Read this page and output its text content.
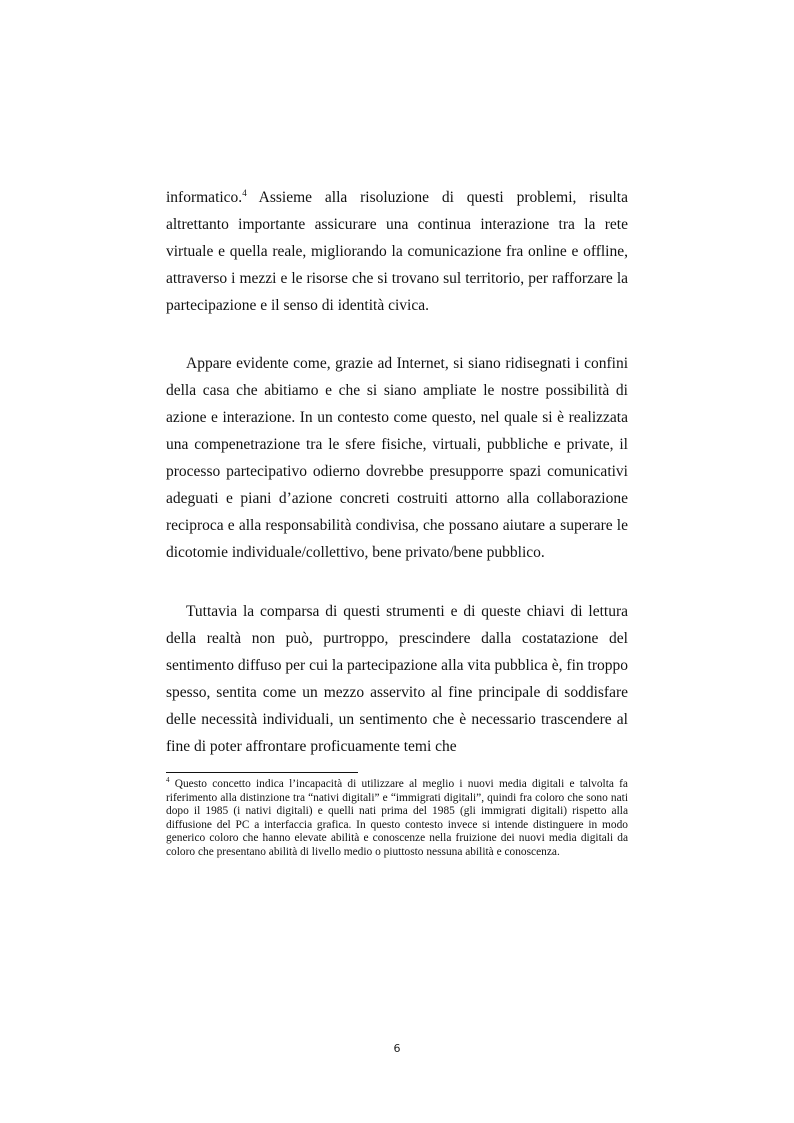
informatico.$^4$ Assieme alla risoluzione di questi problemi, risulta altrettanto importante assicurare una continua interazione tra la rete virtuale e quella reale, migliorando la comunicazione fra online e offline, attraverso i mezzi e le risorse che si trovano sul territorio, per rafforzare la partecipazione e il senso di identità civica.

Appare evidente come, grazie ad Internet, si siano ridisegnati i confini della casa che abitiamo e che si siano ampliate le nostre possibilità di azione e interazione. In un contesto come questo, nel quale si è realizzata una compenetrazione tra le sfere fisiche, virtuali, pubbliche e private, il processo partecipativo odierno dovrebbe presupporre spazi comunicativi adeguati e piani d’azione concreti costruiti attorno alla collaborazione reciproca e alla responsabilità condivisa, che possano aiutare a superare le dicotomie individuale/collettivo, bene privato/bene pubblico.

Tuttavia la comparsa di questi strumenti e di queste chiavi di lettura della realtà non può, purtroppo, prescindere dalla costatazione del sentimento diffuso per cui la partecipazione alla vita pubblica è, fin troppo spesso, sentita come un mezzo asservito al fine principale di soddisfare delle necessità individuali, un sentimento che è necessario trascendere al fine di poter affrontare proficuamente temi che

$^4$ Questo concetto indica l’incapacità di utilizzare al meglio i nuovi media digitali e talvolta fa riferimento alla distinzione tra “nativi digitali” e “immigrati digitali”, quindi fra coloro che sono nati dopo il 1985 (i nativi digitali) e quelli nati prima del 1985 (gli immigrati digitali) rispetto alla diffusione del PC a interfaccia grafica. In questo contesto invece si intende distinguere in modo generico coloro che hanno elevate abilità e conoscenze nella fruizione dei nuovi media digitali da coloro che presentano abilità di livello medio o piuttosto nessuna abilità e conoscenza.

6
